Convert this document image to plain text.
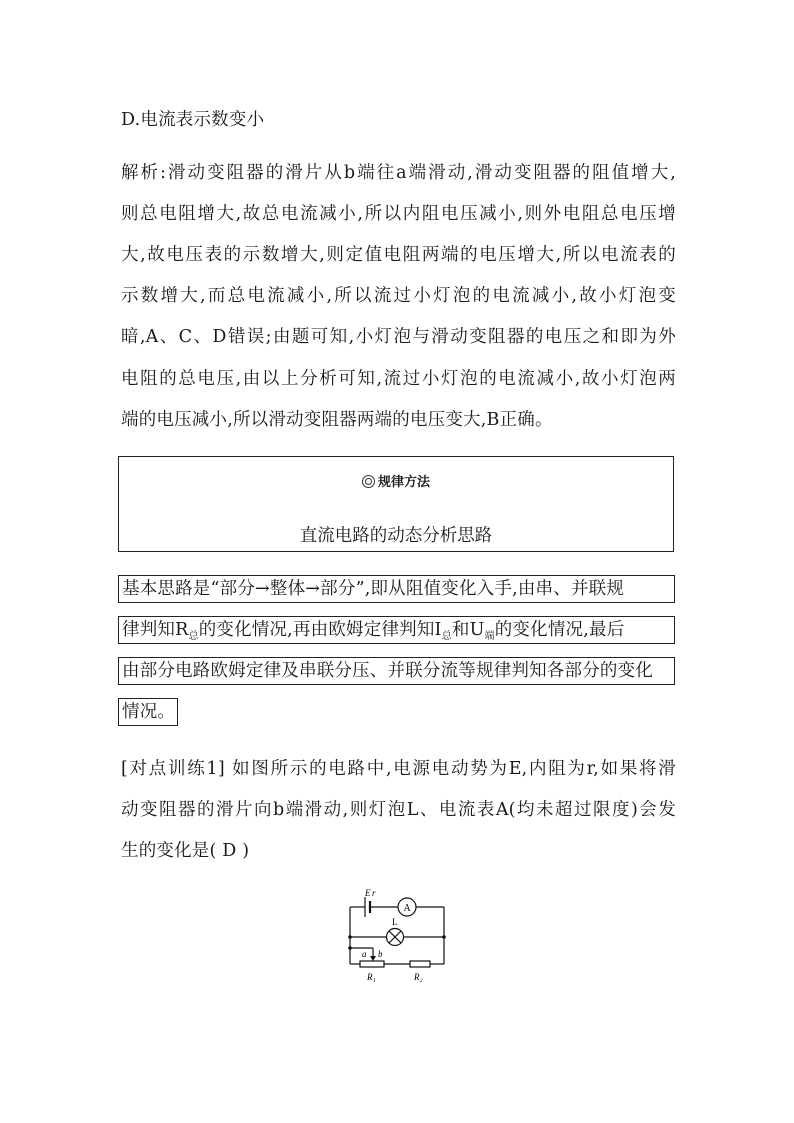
D.电流表示数变小
解析:滑动变阻器的滑片从b端往a端滑动,滑动变阻器的阻值增大,
则总电阻增大,故总电流减小,所以内阻电压减小,则外电阻总电压增
大,故电压表的示数增大,则定值电阻两端的电压增大,所以电流表的
示数增大,而总电流减小,所以流过小灯泡的电流减小,故小灯泡变
暗,A、C、D错误;由题可知,小灯泡与滑动变阻器的电压之和即为外
电阻的总电压,由以上分析可知,流过小灯泡的电流减小,故小灯泡两
端的电压减小,所以滑动变阻器两端的电压变大,B正确。
规律方法
直流电路的动态分析思路
基本思路是“部分→整体→部分”,即从阻值变化入手,由串、并联规
律判知$R_总$的变化情况,再由欧姆定律判知$I_总$和$U_端$的变化情况,最后
由部分电路欧姆定律及串联分压、并联分流等规律判知各部分的变化
情况。
[对点训练1] 如图所示的电路中,电源电动势为E,内阻为r,如果将滑
动变阻器的滑片向b端滑动,则灯泡L、电流表A(均未超过限度)会发
生的变化是( D )
A
E r
L
a b
R₁	R₂
